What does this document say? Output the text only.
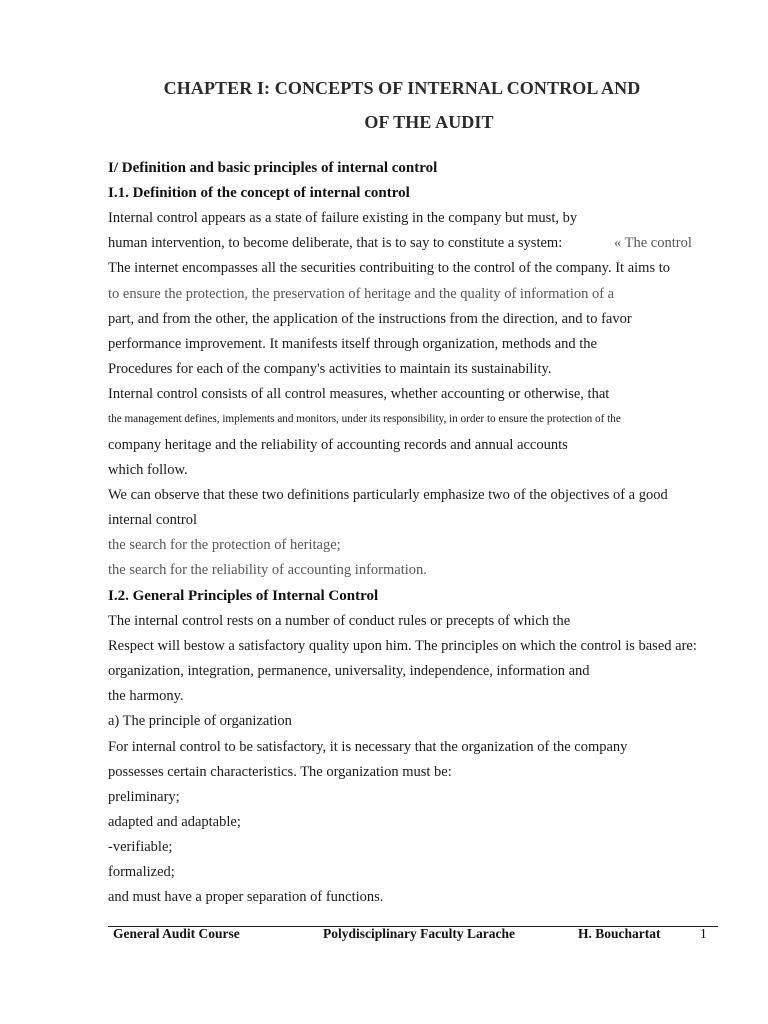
CHAPTER I: CONCEPTS OF INTERNAL CONTROL AND
OF THE AUDIT
I/ Definition and basic principles of internal control
I.1. Definition of the concept of internal control
Internal control appears as a state of failure existing in the company but must, by
human intervention, to become deliberate, that is to say to constitute a system:	« The control
The internet encompasses all the securities contribuiting to the control of the company. It aims to
to ensure the protection, the preservation of heritage and the quality of information of a
part, and from the other, the application of the instructions from the direction, and to favor
performance improvement. It manifests itself through organization, methods and the
Procedures for each of the company's activities to maintain its sustainability.
Internal control consists of all control measures, whether accounting or otherwise, that
the management defines, implements and monitors, under its responsibility, in order to ensure the protection of the
company heritage and the reliability of accounting records and annual accounts
which follow.
We can observe that these two definitions particularly emphasize two of the objectives of a good
internal control
the search for the protection of heritage;
the search for the reliability of accounting information.
I.2. General Principles of Internal Control
The internal control rests on a number of conduct rules or precepts of which the
Respect will bestow a satisfactory quality upon him. The principles on which the control is based are:
organization, integration, permanence, universality, independence, information and
the harmony.
a) The principle of organization
For internal control to be satisfactory, it is necessary that the organization of the company
possesses certain characteristics. The organization must be:
preliminary;
adapted and adaptable;
-verifiable;
formalized;
and must have a proper separation of functions.
General Audit Course	Polydisciplinary Faculty Larache	H. Bouchartat	1
